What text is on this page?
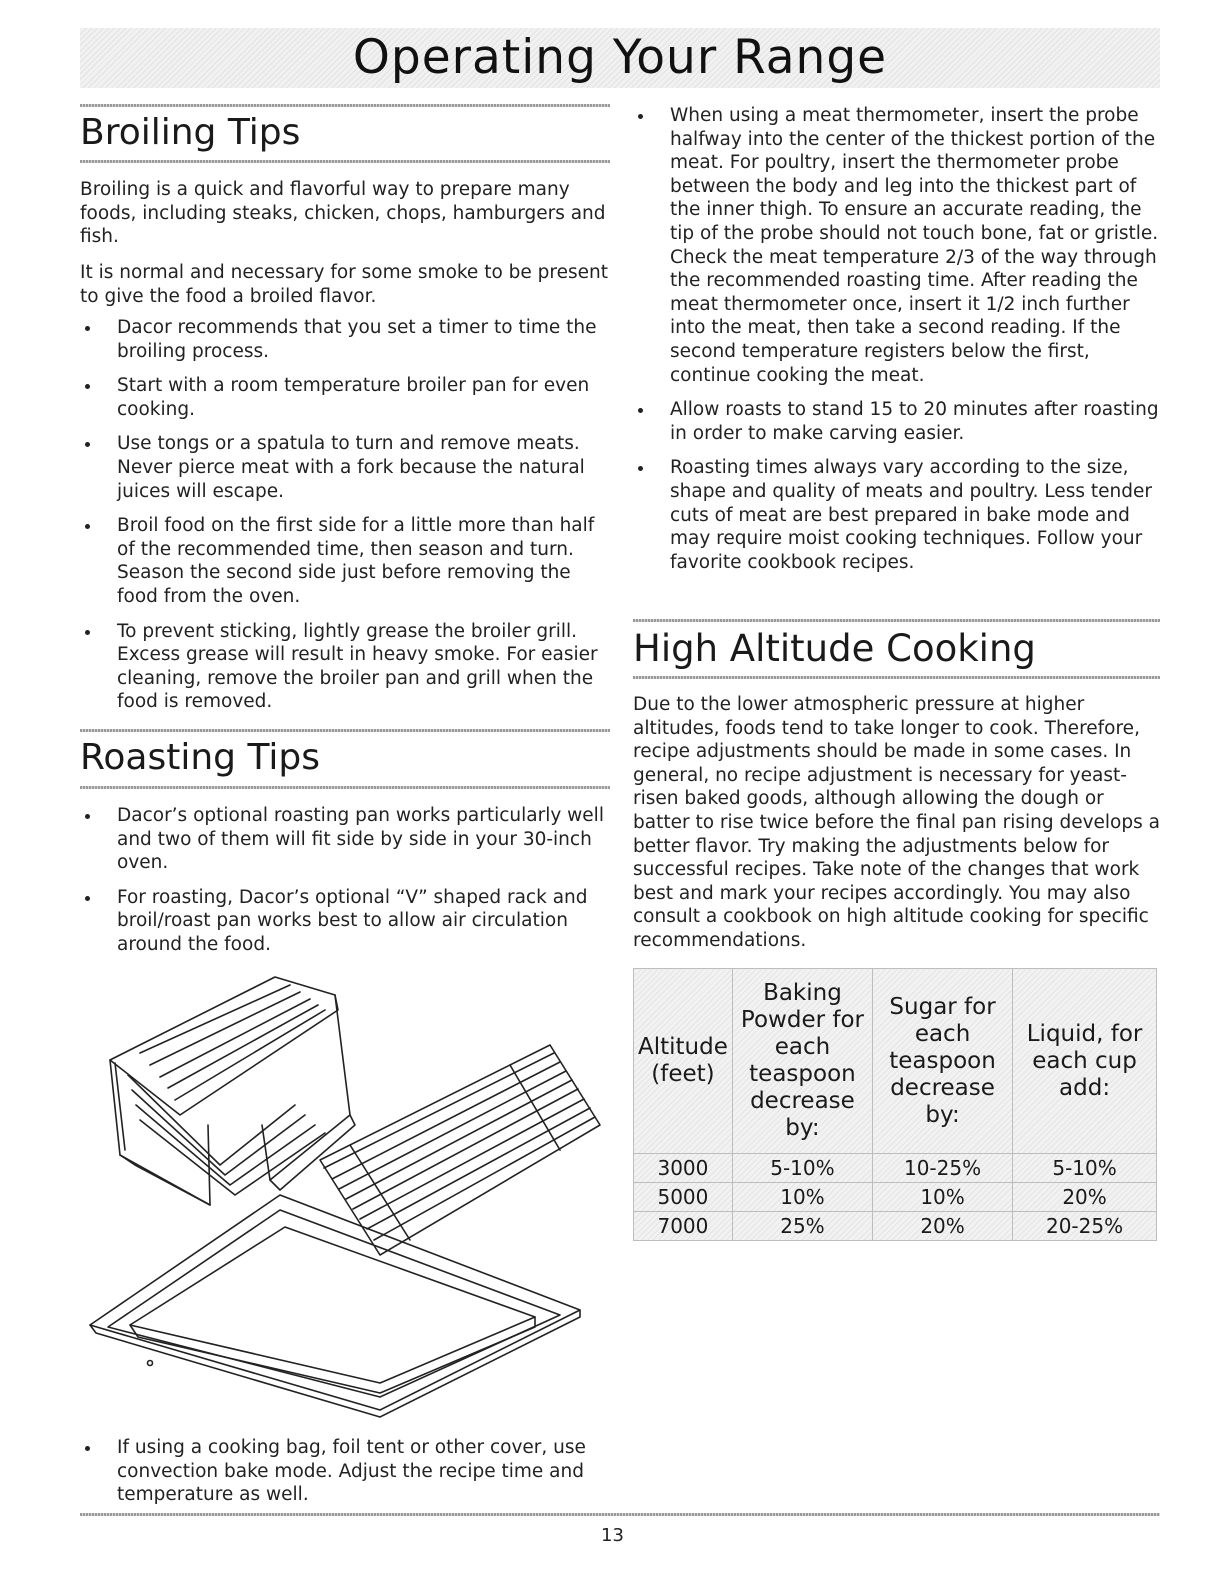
Operating Your Range
Broiling Tips

Broiling is a quick and flavorful way to prepare many foods, including steaks, chicken, chops, hamburgers and fish.

It is normal and necessary for some smoke to be present to give the food a broiled flavor.

Dacor recommends that you set a timer to time the broiling process.
Start with a room temperature broiler pan for even cooking.
Use tongs or a spatula to turn and remove meats. Never pierce meat with a fork because the natural juices will escape.
Broil food on the first side for a little more than half of the recommended time, then season and turn. Season the second side just before removing the food from the oven.
To prevent sticking, lightly grease the broiler grill. Excess grease will result in heavy smoke. For easier cleaning, remove the broiler pan and grill when the food is removed.
Roasting Tips
Dacor’s optional roasting pan works particularly well and two of them will fit side by side in your 30-inch oven.
For roasting, Dacor’s optional “V” shaped rack and broil/roast pan works best to allow air circulation around the food.
If using a cooking bag, foil tent or other cover, use convection bake mode. Adjust the recipe time and temperature as well.
When using a meat thermometer, insert the probe halfway into the center of the thickest portion of the meat. For poultry, insert the thermometer probe between the body and leg into the thickest part of the inner thigh. To ensure an accurate reading, the tip of the probe should not touch bone, fat or gristle. Check the meat temperature 2/3 of the way through the recommended roasting time. After reading the meat thermometer once, insert it 1/2 inch further into the meat, then take a second reading. If the second temperature registers below the first, continue cooking the meat.
Allow roasts to stand 15 to 20 minutes after roasting in order to make carving easier.
Roasting times always vary according to the size, shape and quality of meats and poultry. Less tender cuts of meat are best prepared in bake mode and may require moist cooking techniques. Follow your favorite cookbook recipes.
High Altitude Cooking

Due to the lower atmospheric pressure at higher altitudes, foods tend to take longer to cook. Therefore, recipe adjustments should be made in some cases. In general, no recipe adjustment is necessary for yeast-risen baked goods, although allowing the dough or batter to rise twice before the final pan rising develops a better flavor. Try making the adjustments below for successful recipes. Take note of the changes that work best and mark your recipes accordingly. You may also consult a cookbook on high altitude cooking for specific recommendations.

Altitude (feet)	Baking Powder for each teaspoon decrease by:	Sugar for each teaspoon decrease by:	Liquid, for each cup add:
3000	5-10%	10-25%	5-10%
5000	10%	10%	20%
7000	25%	20%	20-25%
13
